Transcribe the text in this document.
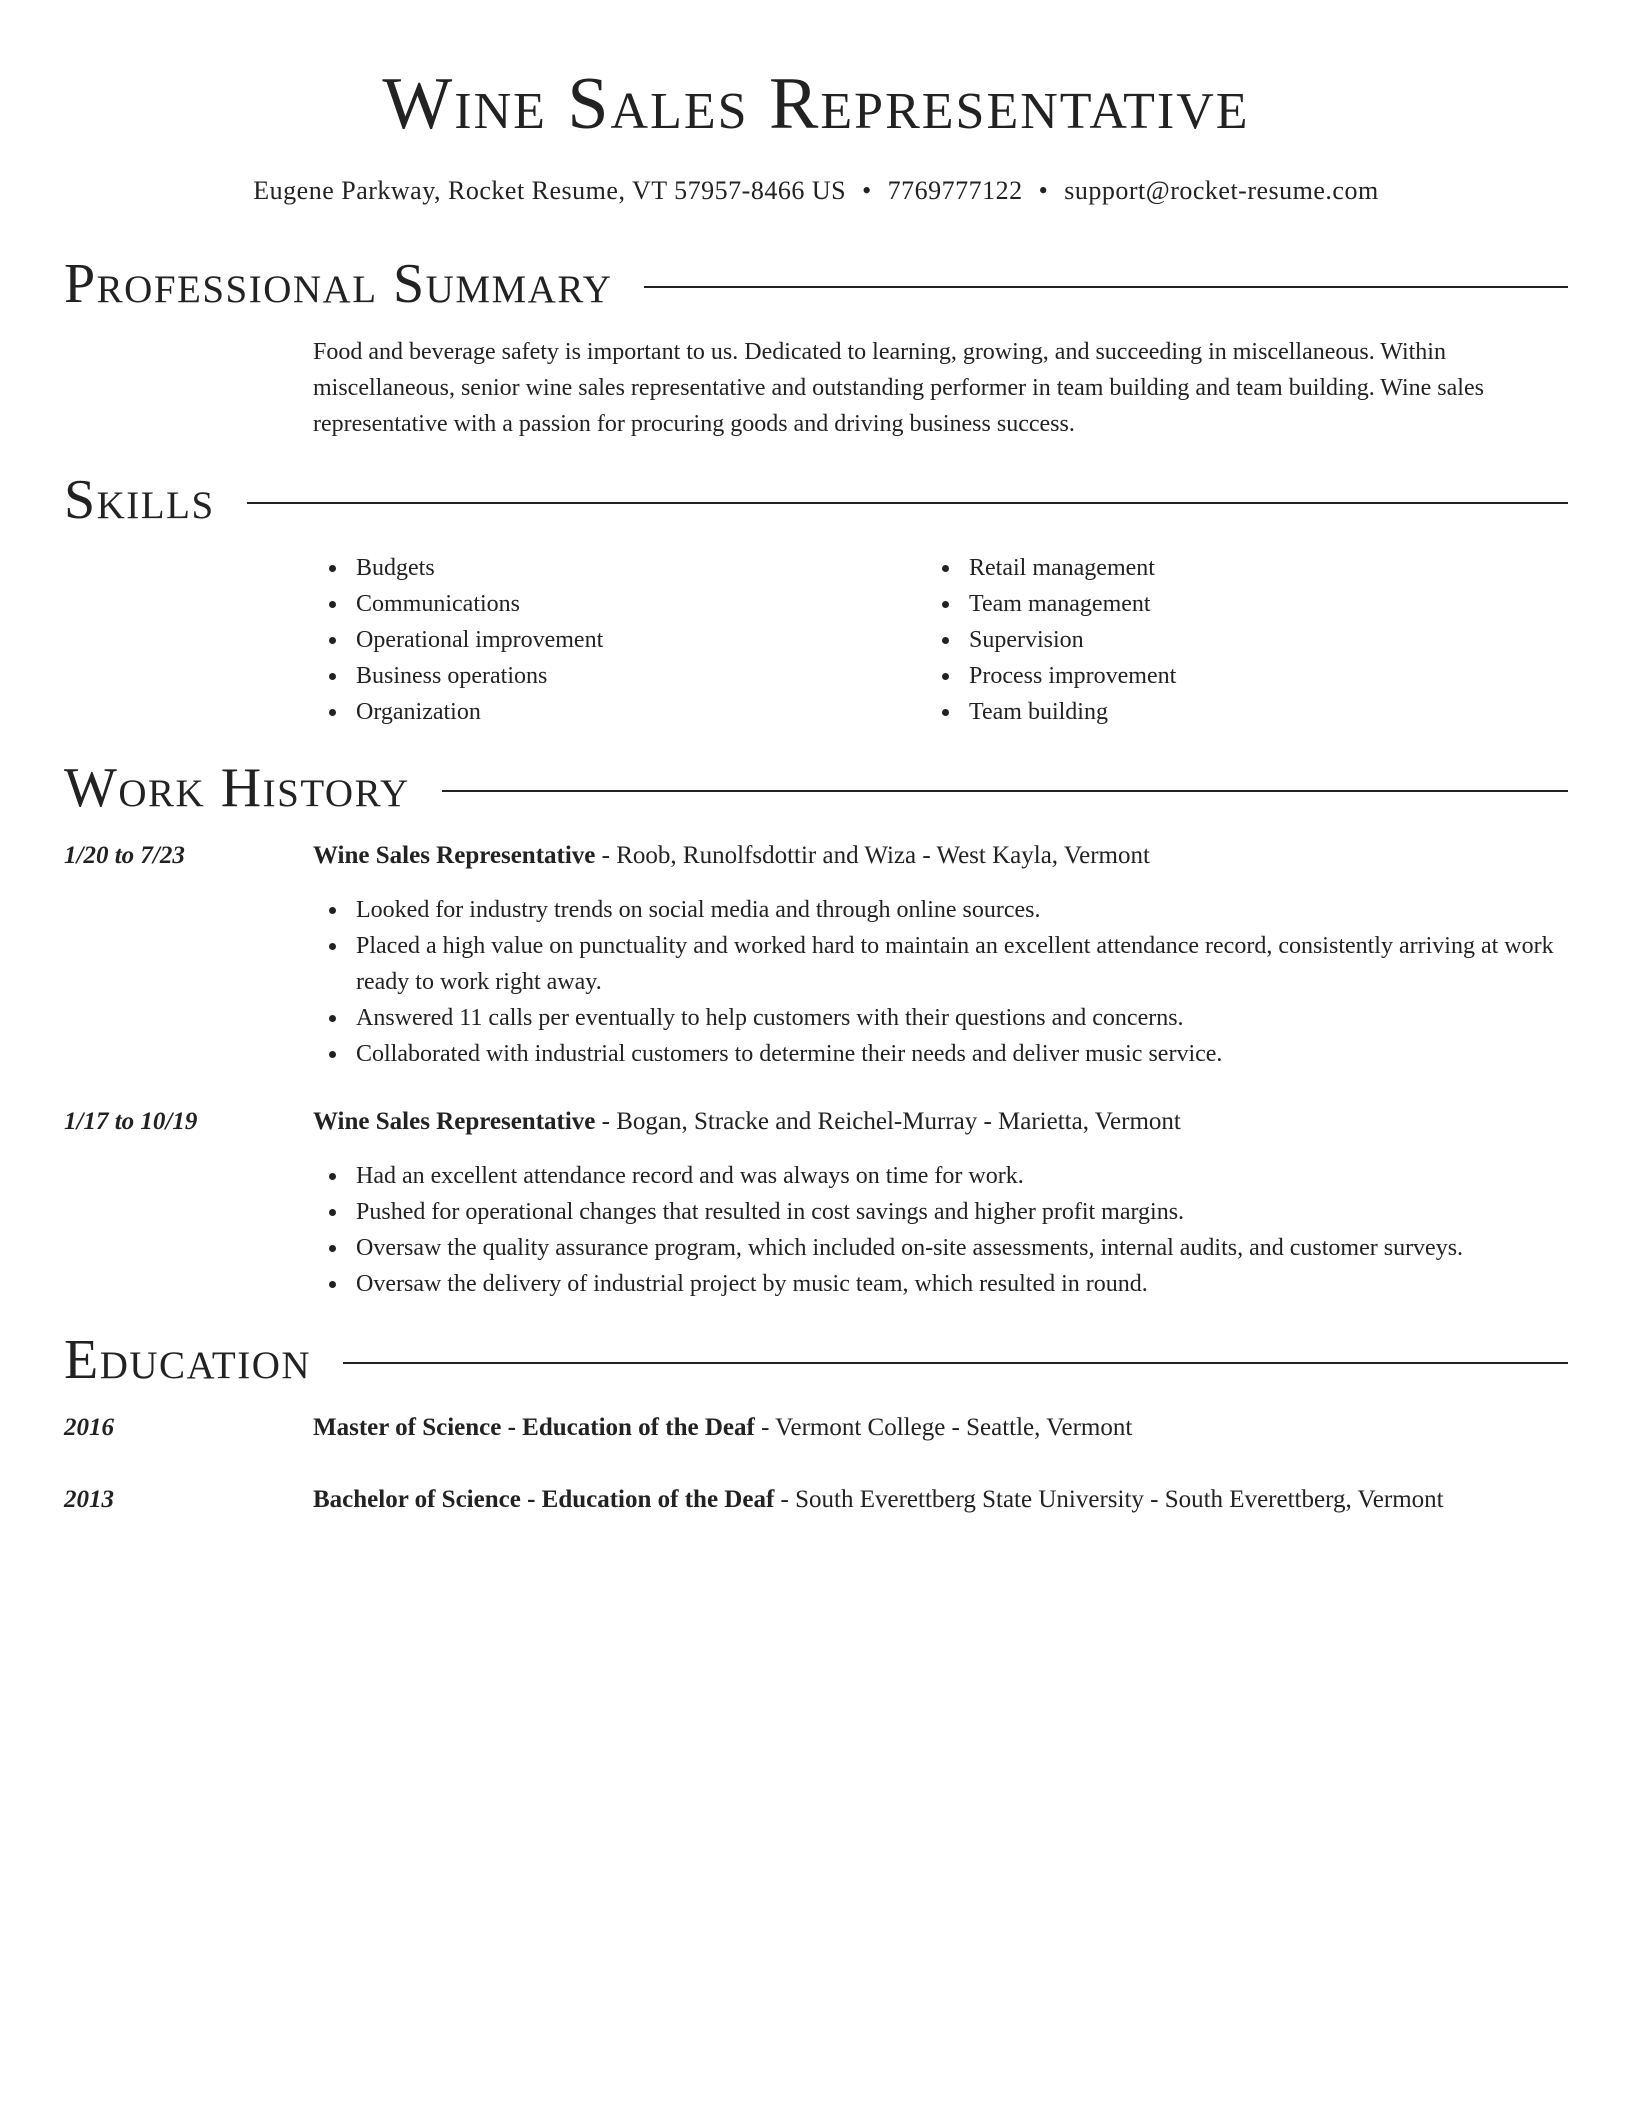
Wine Sales Representative
Eugene Parkway, Rocket Resume, VT 57957-8466 US • 7769777122 • support@rocket-resume.com
Professional Summary

Food and beverage safety is important to us. Dedicated to learning, growing, and succeeding in miscellaneous. Within miscellaneous, senior wine sales representative and outstanding performer in team building and team building. Wine sales representative with a passion for procuring goods and driving business success.

Skills
Budgets
Communications
Operational improvement
Business operations
Organization
Retail management
Team management
Supervision
Process improvement
Team building
Work History
1/20 to 7/23	Wine Sales Representative - Roob, Runolfsdottir and Wiza - West Kayla, Vermont
Looked for industry trends on social media and through online sources.
Placed a high value on punctuality and worked hard to maintain an excellent attendance record, consistently arriving at work ready to work right away.
Answered 11 calls per eventually to help customers with their questions and concerns.
Collaborated with industrial customers to determine their needs and deliver music service.
1/17 to 10/19	Wine Sales Representative - Bogan, Stracke and Reichel-Murray - Marietta, Vermont
Had an excellent attendance record and was always on time for work.
Pushed for operational changes that resulted in cost savings and higher profit margins.
Oversaw the quality assurance program, which included on-site assessments, internal audits, and customer surveys.
Oversaw the delivery of industrial project by music team, which resulted in round.
Education
2016	Master of Science - Education of the Deaf - Vermont College - Seattle, Vermont
2013	Bachelor of Science - Education of the Deaf - South Everettberg State University - South Everettberg, Vermont
